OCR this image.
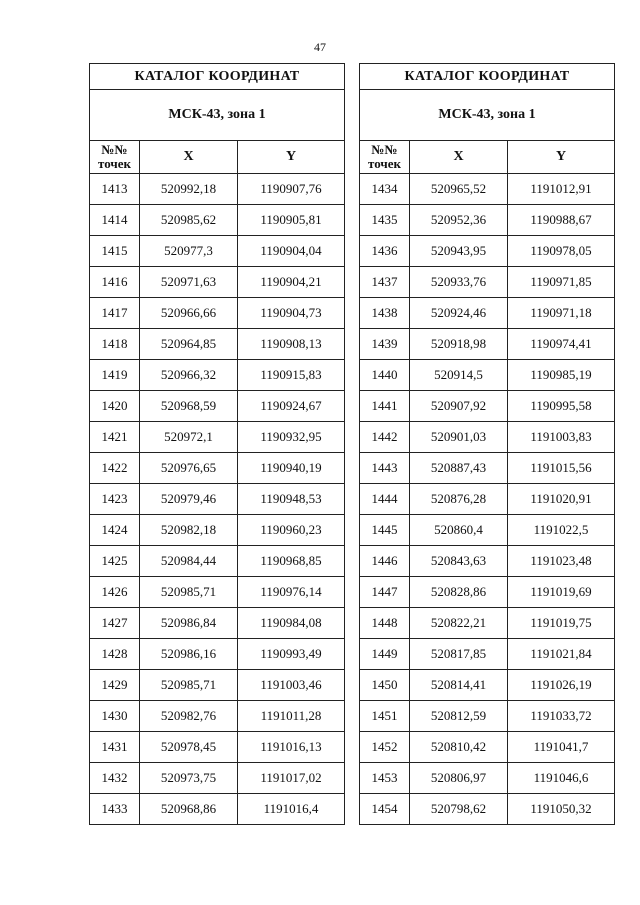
47
КАТАЛОГ КООРДИНАТ		
МСК-43, зона 1		

№№
точек	X	Y
1413	520992,18	1190907,76
1414	520985,62	1190905,81
1415	520977,3	1190904,04
1416	520971,63	1190904,21
1417	520966,66	1190904,73
1418	520964,85	1190908,13
1419	520966,32	1190915,83
1420	520968,59	1190924,67
1421	520972,1	1190932,95
1422	520976,65	1190940,19
1423	520979,46	1190948,53
1424	520982,18	1190960,23
1425	520984,44	1190968,85
1426	520985,71	1190976,14
1427	520986,84	1190984,08
1428	520986,16	1190993,49
1429	520985,71	1191003,46
1430	520982,76	1191011,28
1431	520978,45	1191016,13
1432	520973,75	1191017,02
1433	520968,86	1191016,4
КАТАЛОГ КООРДИНАТ		
МСК-43, зона 1		

№№
точек	X	Y
1434	520965,52	1191012,91
1435	520952,36	1190988,67
1436	520943,95	1190978,05
1437	520933,76	1190971,85
1438	520924,46	1190971,18
1439	520918,98	1190974,41
1440	520914,5	1190985,19
1441	520907,92	1190995,58
1442	520901,03	1191003,83
1443	520887,43	1191015,56
1444	520876,28	1191020,91
1445	520860,4	1191022,5
1446	520843,63	1191023,48
1447	520828,86	1191019,69
1448	520822,21	1191019,75
1449	520817,85	1191021,84
1450	520814,41	1191026,19
1451	520812,59	1191033,72
1452	520810,42	1191041,7
1453	520806,97	1191046,6
1454	520798,62	1191050,32
